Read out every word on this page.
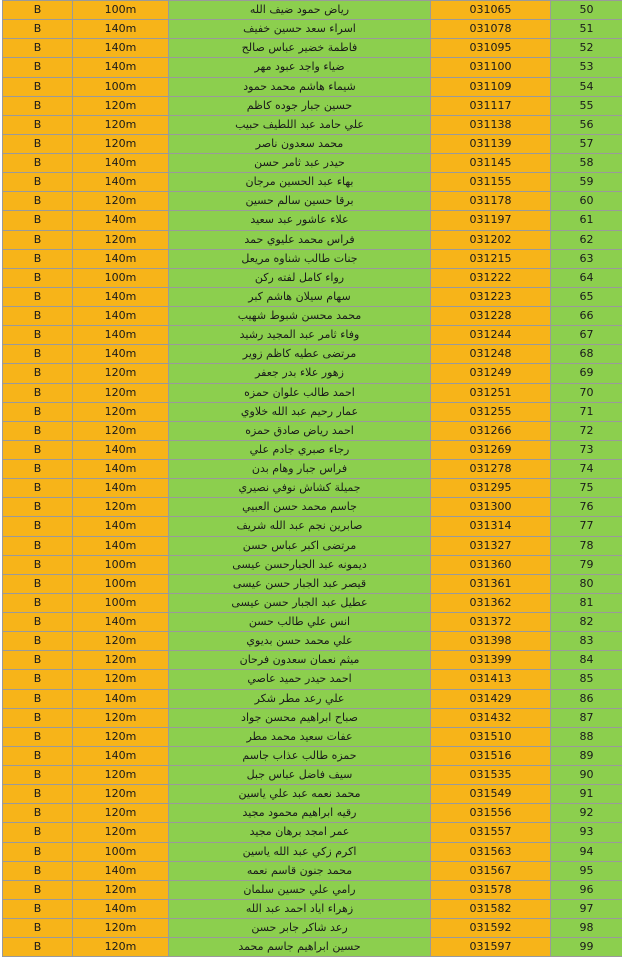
B	100m	رياض حمود ضيف الله	031065	50
B	140m	اسراء سعد حسين خفيف	031078	51
B	140m	فاطمة خضير عباس صالح	031095	52
B	140m	ضياء واجد عبود مهر	031100	53
B	100m	شيماء هاشم محمد حمود	031109	54
B	120m	حسين جبار جوده كاظم	031117	55
B	120m	علي حامد عبد اللطيف حبيب	031138	56
B	120m	محمد سعدون ناصر	031139	57
B	140m	حيدر عبد ثامر حسن	031145	58
B	140m	بهاء عبد الحسين مرجان	031155	59
B	120m	برقا حسين سالم حسين	031178	60
B	140m	علاء عاشور عبد سعيد	031197	61
B	120m	فراس محمد عليوي حمد	031202	62
B	140m	جنات طالب شناوه مريعل	031215	63
B	100m	رواء كامل لفته ركن	031222	64
B	140m	سهام سيلان هاشم كبر	031223	65
B	140m	محمد محسن شبوط شهيب	031228	66
B	140m	وفاء ثامر عبد المجيد رشيد	031244	67
B	140m	مرتضى عطيه كاظم زوير	031248	68
B	120m	زهور علاء بدر جعفر	031249	69
B	120m	احمد طالب علوان حمزه	031251	70
B	120m	عمار رحيم عبد الله خلاوي	031255	71
B	120m	احمد رياض صادق حمزه	031266	72
B	140m	رجاء صبري جادم علي	031269	73
B	140m	فراس جبار وهام بدن	031278	74
B	140m	جميلة كشاش نوفي نصيري	031295	75
B	120m	جاسم محمد حسن العبيي	031300	76
B	140m	صابرين نجم عبد الله شريف	031314	77
B	140m	مرتضى اكبر عباس حسن	031327	78
B	100m	ديمونه عبد الجبارحسن عيسى	031360	79
B	100m	قيصر عبد الجبار حسن عيسى	031361	80
B	100m	عطيل عبد الجبار حسن عيسى	031362	81
B	140m	انس علي طالب حسن	031372	82
B	120m	علي محمد حسن بديوي	031398	83
B	120m	ميثم نعمان سعدون فرحان	031399	84
B	120m	احمد حيدر حميد عاصي	031413	85
B	140m	علي رعد مطر شكر	031429	86
B	120m	صباح ابراهيم محسن جواد	031432	87
B	120m	عفات سعيد محمد مطر	031510	88
B	140m	حمزه طالب عذاب جاسم	031516	89
B	120m	سيف فاضل عباس جبل	031535	90
B	120m	محمد نعمه عبد علي ياسين	031549	91
B	120m	رقيه ابراهيم محمود مجيد	031556	92
B	120m	عمر امجد برهان مجيد	031557	93
B	100m	اكرم زكي عبد الله ياسين	031563	94
B	140m	محمد جنون قاسم نعمه	031567	95
B	120m	رامي علي حسين سلمان	031578	96
B	140m	زهراء اياد احمد عبد الله	031582	97
B	120m	رعد شاكر جابر حسن	031592	98
B	120m	حسين ابراهيم جاسم محمد	031597	99
